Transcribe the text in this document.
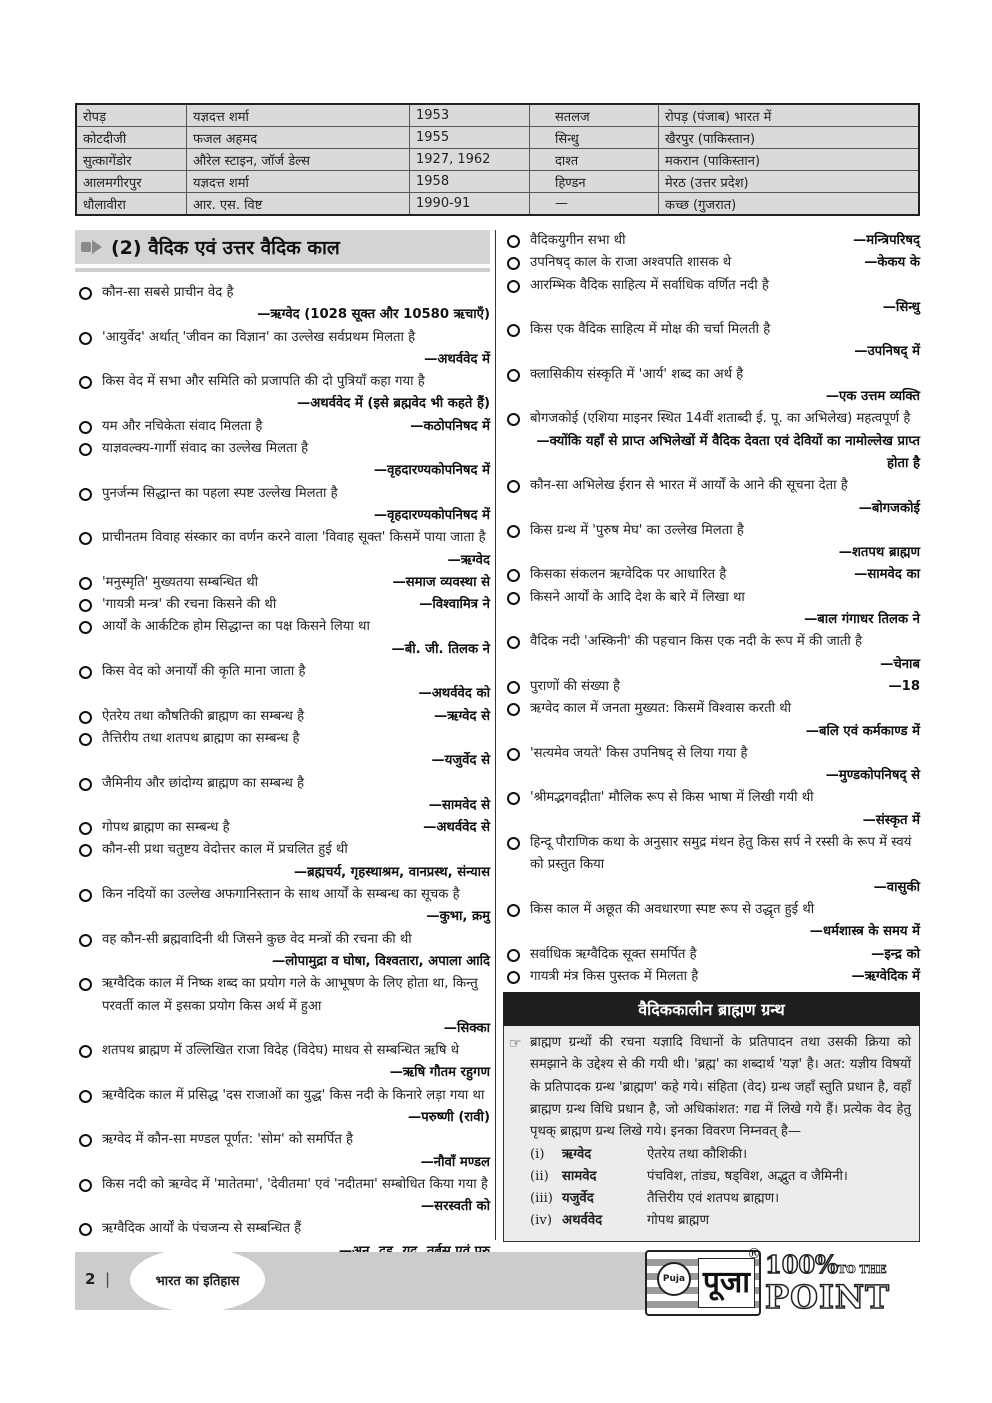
रोपड़	यज्ञदत्त शर्मा	1953	सतलज	रोपड़ (पंजाब) भारत में
कोटदीजी	फजल अहमद	1955	सिन्धु	खैरपुर (पाकिस्तान)
सुत्कागेंडोर	औरेल स्टाइन, जॉर्ज डेल्स	1927, 1962	दाश्त	मकरान (पाकिस्तान)
आलमगीरपुर	यज्ञदत्त शर्मा	1958	हिण्डन	मेरठ (उत्तर प्रदेश)
धौलावीरा	आर. एस. विष्ट	1990-91	—	कच्छ (गुजरात)
(2) वैदिक एवं उत्तर वैदिक काल
कौन-सा सबसे प्राचीन वेद है
—ऋग्वेद (1028 सूक्त और 10580 ऋचाएँ)
'आयुर्वेद' अर्थात् 'जीवन का विज्ञान' का उल्लेख सर्वप्रथम मिलता है
—अथर्ववेद में
किस वेद में सभा और समिति को प्रजापति की दो पुत्रियाँ कहा गया है
—अथर्ववेद में (इसे ब्रह्मवेद भी कहते हैं)
यम और नचिकेता संवाद मिलता है	—कठोपनिषद में
याज्ञवल्क्य-गार्गी संवाद का उल्लेख मिलता है
—वृहदारण्यकोपनिषद में
पुनर्जन्म सिद्धान्त का पहला स्पष्ट उल्लेख मिलता है
—वृहदारण्यकोपनिषद में
प्राचीनतम विवाह संस्कार का वर्णन करने वाला 'विवाह सूक्त' किसमें पाया जाता है
—ऋग्वेद
'मनुस्मृति' मुख्यतया सम्बन्धित थी	—समाज व्यवस्था से
'गायत्री मन्त्र' की रचना किसने की थी	—विश्वामित्र ने
आर्यों के आर्कटिक होम सिद्धान्त का पक्ष किसने लिया था
—बी. जी. तिलक ने
किस वेद को अनार्यों की कृति माना जाता है
—अथर्ववेद को
ऐतरेय तथा कौषतिकी ब्राह्मण का सम्बन्ध है	—ऋग्वेद से
तैत्तिरीय तथा शतपथ ब्राह्मण का सम्बन्ध है
—यजुर्वेद से
जैमिनीय और छांदोग्य ब्राह्मण का सम्बन्ध है
—सामवेद से
गोपथ ब्राह्मण का सम्बन्ध है	—अथर्ववेद से
कौन-सी प्रथा चतुष्टय वेदोत्तर काल में प्रचलित हुई थी
—ब्रह्मचर्य, गृहस्थाश्रम, वानप्रस्थ, संन्यास
किन नदियों का उल्लेख अफगानिस्तान के साथ आर्यों के सम्बन्ध का सूचक है
—कुभा, क्रमु
वह कौन-सी ब्रह्मवादिनी थी जिसने कुछ वेद मन्त्रों की रचना की थी
—लोपामुद्रा व घोषा, विश्वतारा, अपाला आदि
ऋग्वैदिक काल में निष्क शब्द का प्रयोग गले के आभूषण के लिए होता था, किन्तु परवर्ती काल में इसका प्रयोग किस अर्थ में हुआ
—सिक्का
शतपथ ब्राह्मण में उल्लिखित राजा विदेह (विदेघ) माधव से सम्बन्धित ऋषि थे
—ऋषि गौतम रहुगण
ऋग्वैदिक काल में प्रसिद्ध 'दस राजाओं का युद्ध' किस नदी के किनारे लड़ा गया था
—परुष्णी (रावी)
ऋग्वेद में कौन-सा मण्डल पूर्णत: 'सोम' को समर्पित है
—नौवाँ मण्डल
किस नदी को ऋग्वेद में 'मातेतमा', 'देवीतमा' एवं 'नदीतमा' सम्बोधित किया गया है
—सरस्वती को
ऋग्वैदिक आर्यों के पंचजन्य से सम्बन्धित हैं
वैदिकयुगीन सभा थी	—मन्त्रिपरिषद्
उपनिषद् काल के राजा अश्वपति शासक थे	—केकय के
आरम्भिक वैदिक साहित्य में सर्वाधिक वर्णित नदी है
—सिन्धु
किस एक वैदिक साहित्य में मोक्ष की चर्चा मिलती है
—उपनिषद् में
क्लासिकीय संस्कृति में 'आर्य' शब्द का अर्थ है
—एक उत्तम व्यक्ति
बोगजकोई (एशिया माइनर स्थित 14वीं शताब्दी ई. पू. का अभिलेख) महत्वपूर्ण है
—क्योंकि यहाँ से प्राप्त अभिलेखों में वैदिक देवता एवं देवियों का नामोल्लेख प्राप्त होता है
कौन-सा अभिलेख ईरान से भारत में आर्यों के आने की सूचना देता है
—बोगजकोई
किस ग्रन्थ में 'पुरुष मेघ' का उल्लेख मिलता है
—शतपथ ब्राह्मण
किसका संकलन ऋग्वेदिक पर आधारित है	—सामवेद का
किसने आर्यों के आदि देश के बारे में लिखा था
—बाल गंगाधर तिलक ने
वैदिक नदी 'अस्किनी' की पहचान किस एक नदी के रूप में की जाती है
—चेनाब
पुराणों की संख्या है	—18
ऋग्वेद काल में जनता मुख्यत: किसमें विश्वास करती थी
—बलि एवं कर्मकाण्ड में
'सत्यमेव जयते' किस उपनिषद् से लिया गया है
—मुण्डकोपनिषद् से
'श्रीमद्भगवद्गीता' मौलिक रूप से किस भाषा में लिखी गयी थी
—संस्कृत में
हिन्दू पौराणिक कथा के अनुसार समुद्र मंथन हेतु किस सर्प ने रस्सी के रूप में स्वयं को प्रस्तुत किया
—वासुकी
किस काल में अछूत की अवधारणा स्पष्ट रूप से उद्धृत हुई थी
—धर्मशास्त्र के समय में
सर्वाधिक ऋग्वैदिक सूक्त समर्पित है	—इन्द्र को
गायत्री मंत्र किस पुस्तक में मिलता है	—ऋग्वेदिक में
वैदिककालीन ब्राह्मण ग्रन्थ
☞ ब्राह्मण ग्रन्थों की रचना यज्ञादि विधानों के प्रतिपादन तथा उसकी क्रिया को समझाने के उद्देश्य से की गयी थी। 'ब्रह्म' का शब्दार्थ 'यज्ञ' है। अत: यज्ञीय विषयों के प्रतिपादक ग्रन्थ 'ब्राह्मण' कहे गये। संहिता (वेद) ग्रन्थ जहाँ स्तुति प्रधान है, वहाँ ब्राह्मण ग्रन्थ विधि प्रधान है, जो अधिकांशत: गद्य में लिखे गये हैं। प्रत्येक वेद हेतु पृथक् ब्राह्मण ग्रन्थ लिखे गये। इनका विवरण निम्नवत् है—
(i)	ऋग्वेद	ऐतरेय तथा कौशिकी।
(ii)	सामवेद	पंचविश, तांड्य, षड्विश, अद्भुत व जैमिनी।
(iii) यजुर्वेद	तैत्तिरीय एवं शतपथ ब्राह्मण।
(iv) अथर्ववेद	गोपथ ब्राह्मण
2 |	भारत का इतिहास	Puja पूजा
® 100%TO THE
POINT
